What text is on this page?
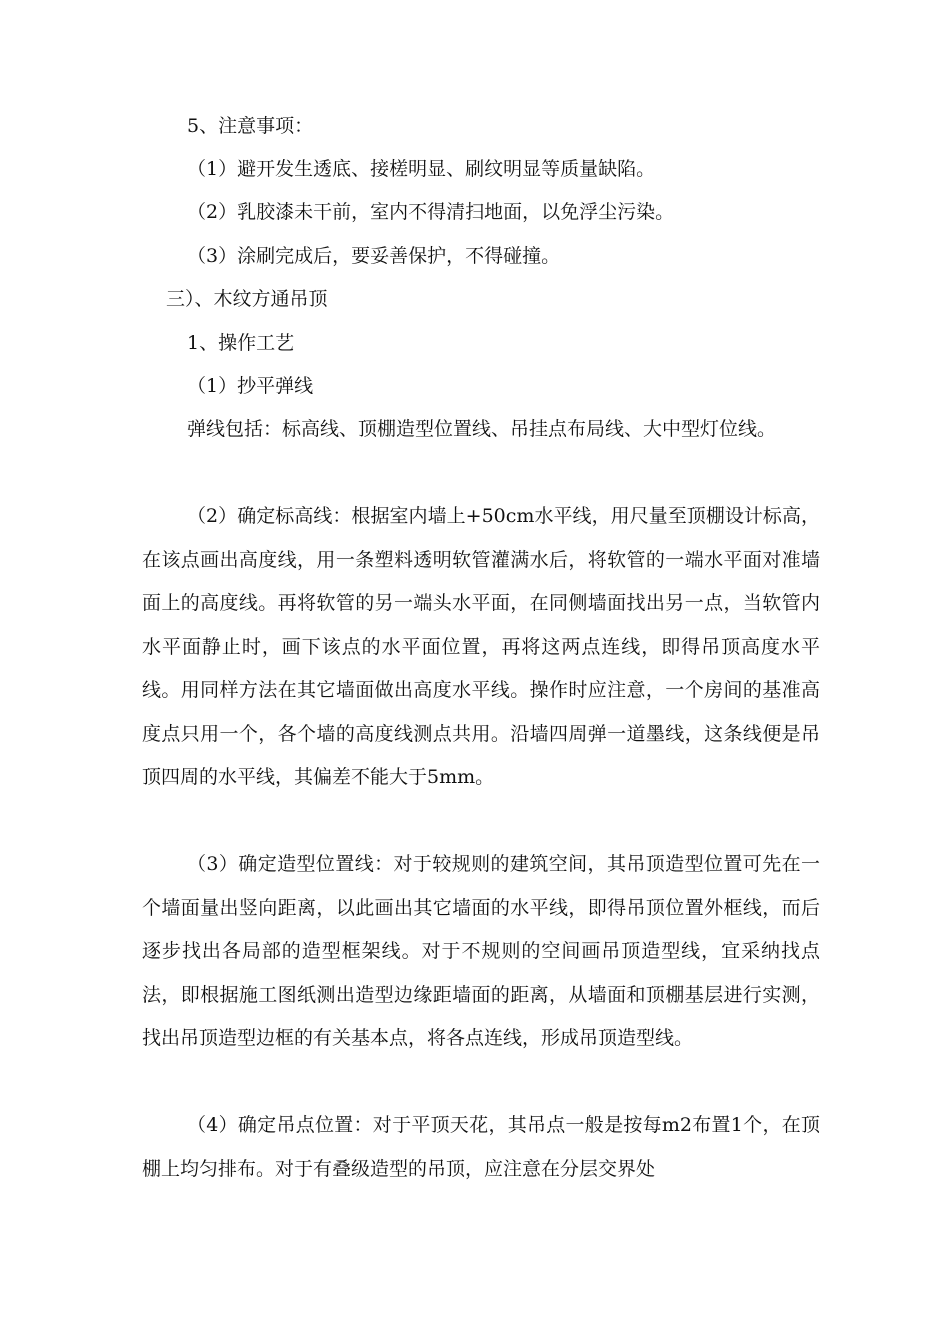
5、注意事项：
（1）避开发生透底、接槎明显、刷纹明显等质量缺陷。
（2）乳胶漆未干前，室内不得清扫地面，以免浮尘污染。
（3）涂刷完成后，要妥善保护，不得碰撞。
三）、木纹方通吊顶
1、操作工艺
（1）抄平弹线

弹线包括：标高线、顶棚造型位置线、吊挂点布局线、大中型灯位线。

（2）确定标高线：根据室内墙上+50cm水平线，用尺量至顶棚设计标高，在该点画出高度线，用一条塑料透明软管灌满水后，将软管的一端水平面对准墙面上的高度线。再将软管的另一端头水平面，在同侧墙面找出另一点，当软管内水平面静止时，画下该点的水平面位置，再将这两点连线，即得吊顶高度水平线。用同样方法在其它墙面做出高度水平线。操作时应注意，一个房间的基准高度点只用一个，各个墙的高度线测点共用。沿墙四周弹一道墨线，这条线便是吊顶四周的水平线，其偏差不能大于5mm。

（3）确定造型位置线：对于较规则的建筑空间，其吊顶造型位置可先在一个墙面量出竖向距离，以此画出其它墙面的水平线，即得吊顶位置外框线，而后逐步找出各局部的造型框架线。对于不规则的空间画吊顶造型线，宜采纳找点法，即根据施工图纸测出造型边缘距墙面的距离，从墙面和顶棚基层进行实测，找出吊顶造型边框的有关基本点，将各点连线，形成吊顶造型线。

（4）确定吊点位置：对于平顶天花，其吊点一般是按每m2布置1个，在顶棚上均匀排布。对于有叠级造型的吊顶，应注意在分层交界处
